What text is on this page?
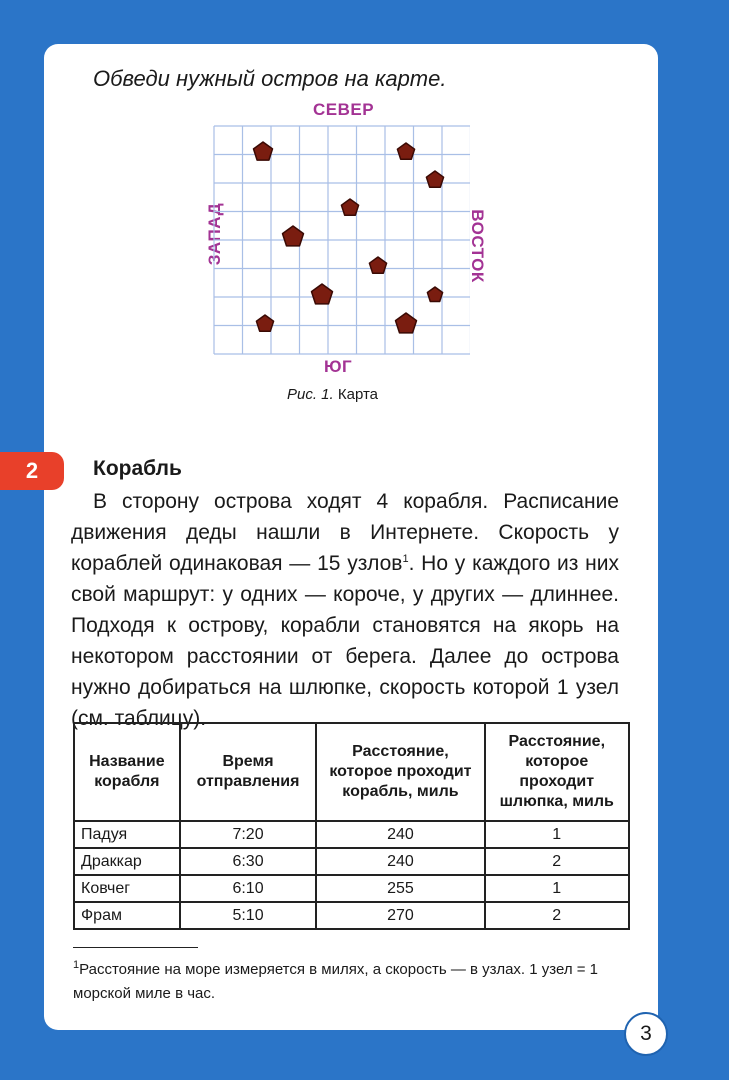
Обведи нужный остров на карте.

СЕВЕР
ЗАПАД	ВОСТОК
ЮГ
Рис. 1. Карта
2	Корабль

В сторону острова ходят 4 корабля. Расписание движения деды нашли в Интернете. Скорость у кораблей одинаковая — 15 узлов$^1$. Но у каждого из них свой маршрут: у одних — короче, у других — длиннее. Подходя к острову, корабли становятся на якорь на некотором расстоянии от берега. Далее до острова нужно добираться на шлюпке, скорость которой 1 узел (см. таблицу).

Название корабля	Время отправления	Расстояние, которое проходит корабль, миль	Расстояние, которое проходит шлюпка, миль
Падуя	7:20	240	1
Драккар	6:30	240	2
Ковчег	6:10	255	1
Фрам	5:10	270	2

$^1$Расстояние на море измеряется в милях, а скорость — в узлах. 1 узел = 1 морской миле в час.

3
